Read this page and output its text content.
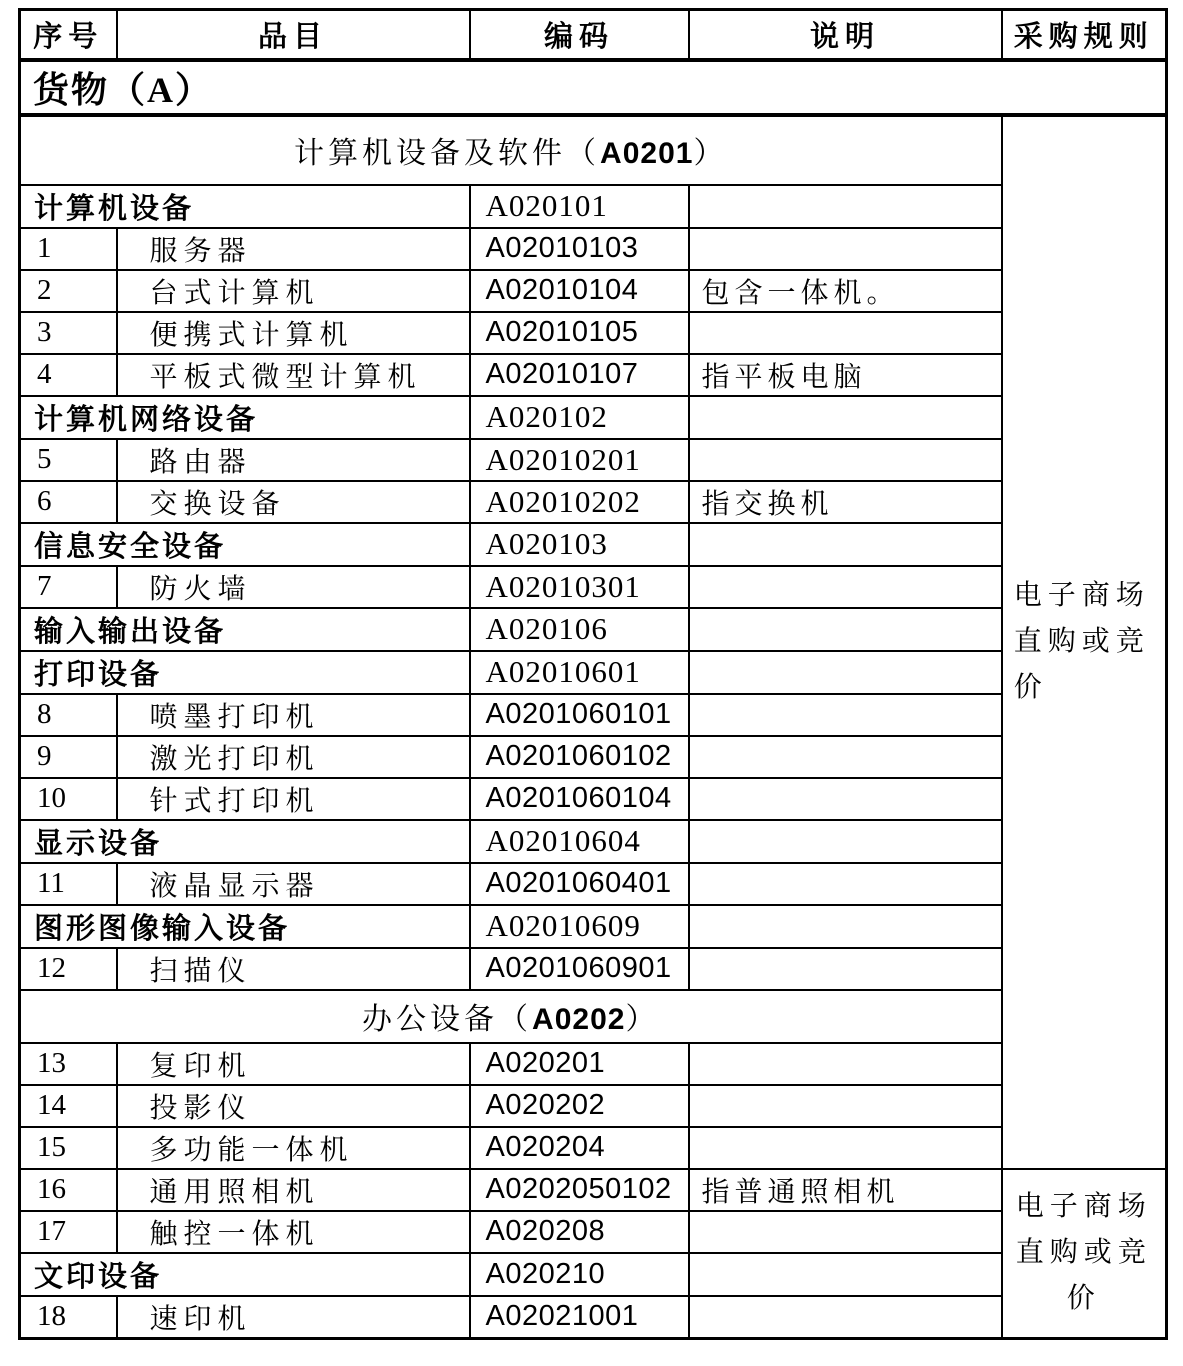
序号	品目	编码	说明	采购规则
货物（A）				
计算机设备及软件（A0201）				电子商场直购或竞价

计算机设备		A020101		
1	服务器	A02010103		
2	台式计算机	A02010104	包含一体机。	
3	便携式计算机	A02010105		
4	平板式微型计算机	A02010107	指平板电脑	
计算机网络设备		A020102		
5	路由器	A02010201		
6	交换设备	A02010202	指交换机	
信息安全设备		A020103		
7	防火墙	A02010301		
输入输出设备		A020106		
打印设备		A02010601		
8	喷墨打印机	A0201060101		
9	激光打印机	A0201060102		
10	针式打印机	A0201060104		
显示设备		A02010604		
11	液晶显示器	A0201060401		
图形图像输入设备		A02010609		
12	扫描仪	A0201060901		
办公设备（A0202）				
13	复印机	A020201		
14	投影仪	A020202		
15	多功能一体机	A020204		
16	通用照相机	A0202050102	指普通照相机	电子商场直购或竞价

17	触控一体机	A020208		
文印设备		A020210		
18	速印机	A02021001		
